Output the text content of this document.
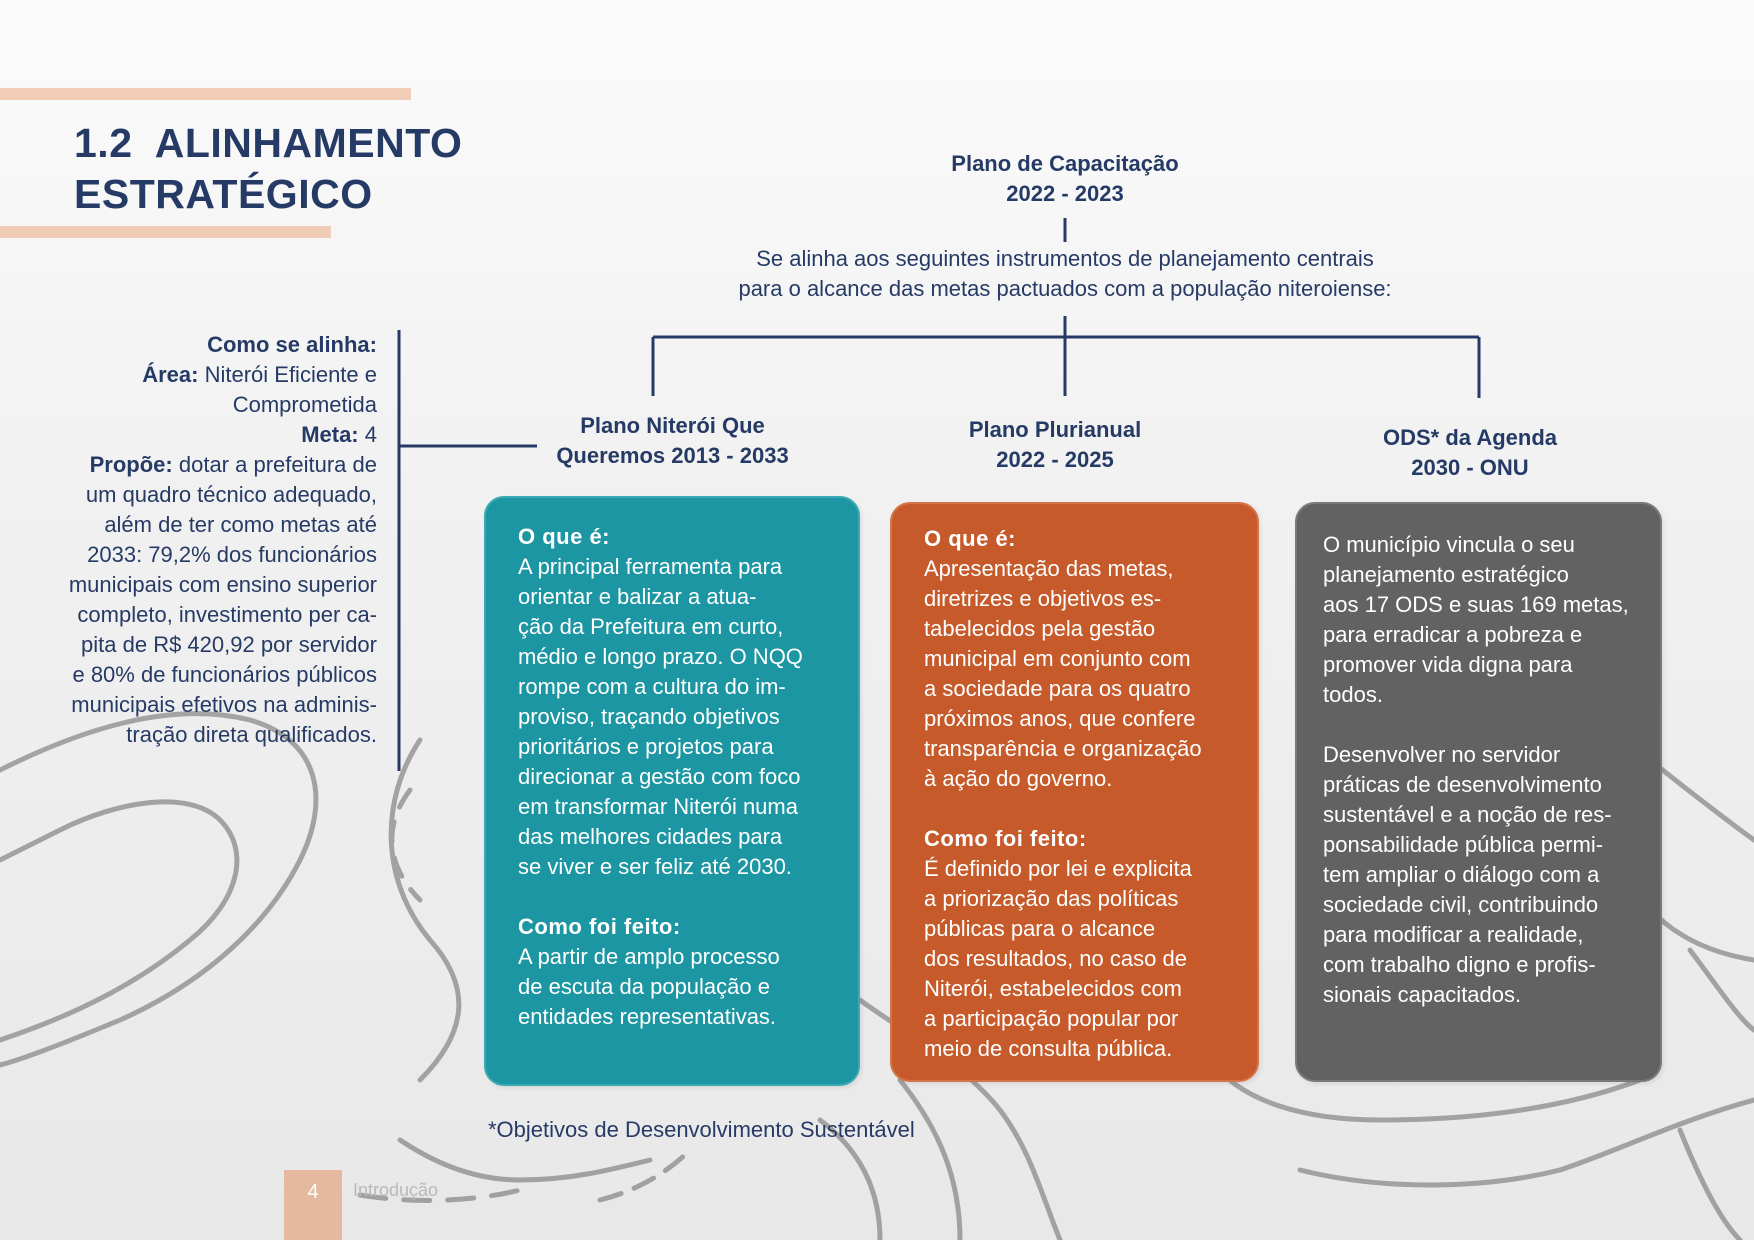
1.2 ALINHAMENTO
ESTRATÉGICO
Plano de Capacitação
2022 - 2023
Se alinha aos seguintes instrumentos de planejamento centrais
para o alcance das metas pactuados com a população niteroiense:
Como se alinha:
Área: Niterói Eficiente e
Comprometida
Meta: 4
Propõe: dotar a prefeitura de
um quadro técnico adequado,
além de ter como metas até
2033: 79,2% dos funcionários
municipais com ensino superior
completo, investimento per ca-
pita de R$ 420,92 por servidor
e 80% de funcionários públicos
municipais efetivos na adminis-
tração direta qualificados.
Plano Niterói Que
Queremos 2013 - 2033
Plano Plurianual
2022 - 2025
ODS* da Agenda
2030 - ONU

O que é:

A principal ferramenta para

orientar e balizar a atua-

ção da Prefeitura em curto,

médio e longo prazo. O NQQ

rompe com a cultura do im-

proviso, traçando objetivos

prioritários e projetos para

direcionar a gestão com foco

em transformar Niterói numa

das melhores cidades para

se viver e ser feliz até 2030.

Como foi feito:

A partir de amplo processo

de escuta da população e

entidades representativas.

O que é:

Apresentação das metas,

diretrizes e objetivos es-

tabelecidos pela gestão

municipal em conjunto com

a sociedade para os quatro

próximos anos, que confere

transparência e organização

à ação do governo.

Como foi feito:

É definido por lei e explicita

a priorização das políticas

públicas para o alcance

dos resultados, no caso de

Niterói, estabelecidos com

a participação popular por

meio de consulta pública.

O município vincula o seu

planejamento estratégico

aos 17 ODS e suas 169 metas,

para erradicar a pobreza e

promover vida digna para

todos.

Desenvolver no servidor

práticas de desenvolvimento

sustentável e a noção de res-

ponsabilidade pública permi-

tem ampliar o diálogo com a

sociedade civil, contribuindo

para modificar a realidade,

com trabalho digno e profis-

sionais capacitados.

*Objetivos de Desenvolvimento Sustentável
4	Introdução
